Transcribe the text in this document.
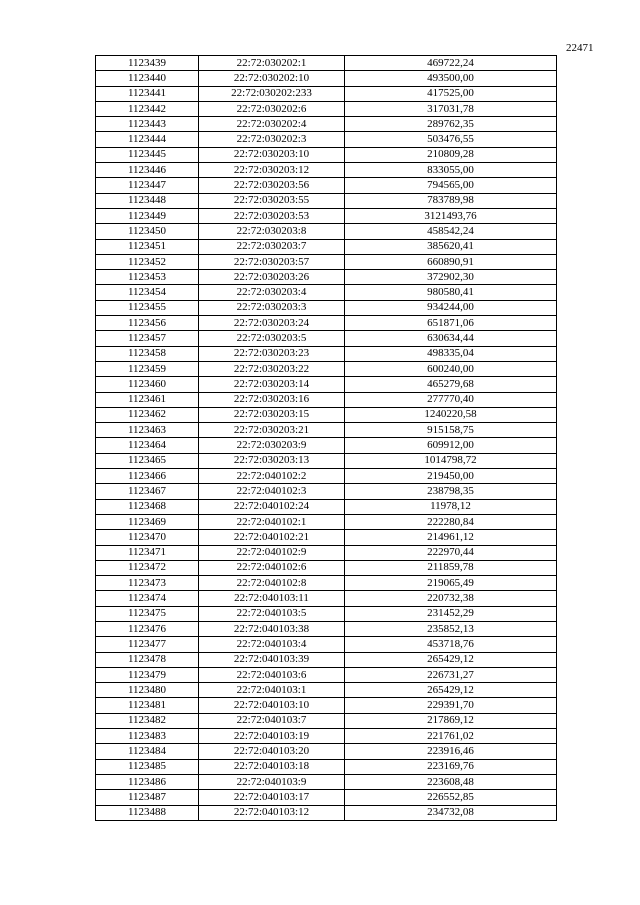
22471
1123439	22:72:030202:1	469722,24
1123440	22:72:030202:10	493500,00
1123441	22:72:030202:233	417525,00
1123442	22:72:030202:6	317031,78
1123443	22:72:030202:4	289762,35
1123444	22:72:030202:3	503476,55
1123445	22:72:030203:10	210809,28
1123446	22:72:030203:12	833055,00
1123447	22:72:030203:56	794565,00
1123448	22:72:030203:55	783789,98
1123449	22:72:030203:53	3121493,76
1123450	22:72:030203:8	458542,24
1123451	22:72:030203:7	385620,41
1123452	22:72:030203:57	660890,91
1123453	22:72:030203:26	372902,30
1123454	22:72:030203:4	980580,41
1123455	22:72:030203:3	934244,00
1123456	22:72:030203:24	651871,06
1123457	22:72:030203:5	630634,44
1123458	22:72:030203:23	498335,04
1123459	22:72:030203:22	600240,00
1123460	22:72:030203:14	465279,68
1123461	22:72:030203:16	277770,40
1123462	22:72:030203:15	1240220,58
1123463	22:72:030203:21	915158,75
1123464	22:72:030203:9	609912,00
1123465	22:72:030203:13	1014798,72
1123466	22:72:040102:2	219450,00
1123467	22:72:040102:3	238798,35
1123468	22:72:040102:24	11978,12
1123469	22:72:040102:1	222280,84
1123470	22:72:040102:21	214961,12
1123471	22:72:040102:9	222970,44
1123472	22:72:040102:6	211859,78
1123473	22:72:040102:8	219065,49
1123474	22:72:040103:11	220732,38
1123475	22:72:040103:5	231452,29
1123476	22:72:040103:38	235852,13
1123477	22:72:040103:4	453718,76
1123478	22:72:040103:39	265429,12
1123479	22:72:040103:6	226731,27
1123480	22:72:040103:1	265429,12
1123481	22:72:040103:10	229391,70
1123482	22:72:040103:7	217869,12
1123483	22:72:040103:19	221761,02
1123484	22:72:040103:20	223916,46
1123485	22:72:040103:18	223169,76
1123486	22:72:040103:9	223608,48
1123487	22:72:040103:17	226552,85
1123488	22:72:040103:12	234732,08
